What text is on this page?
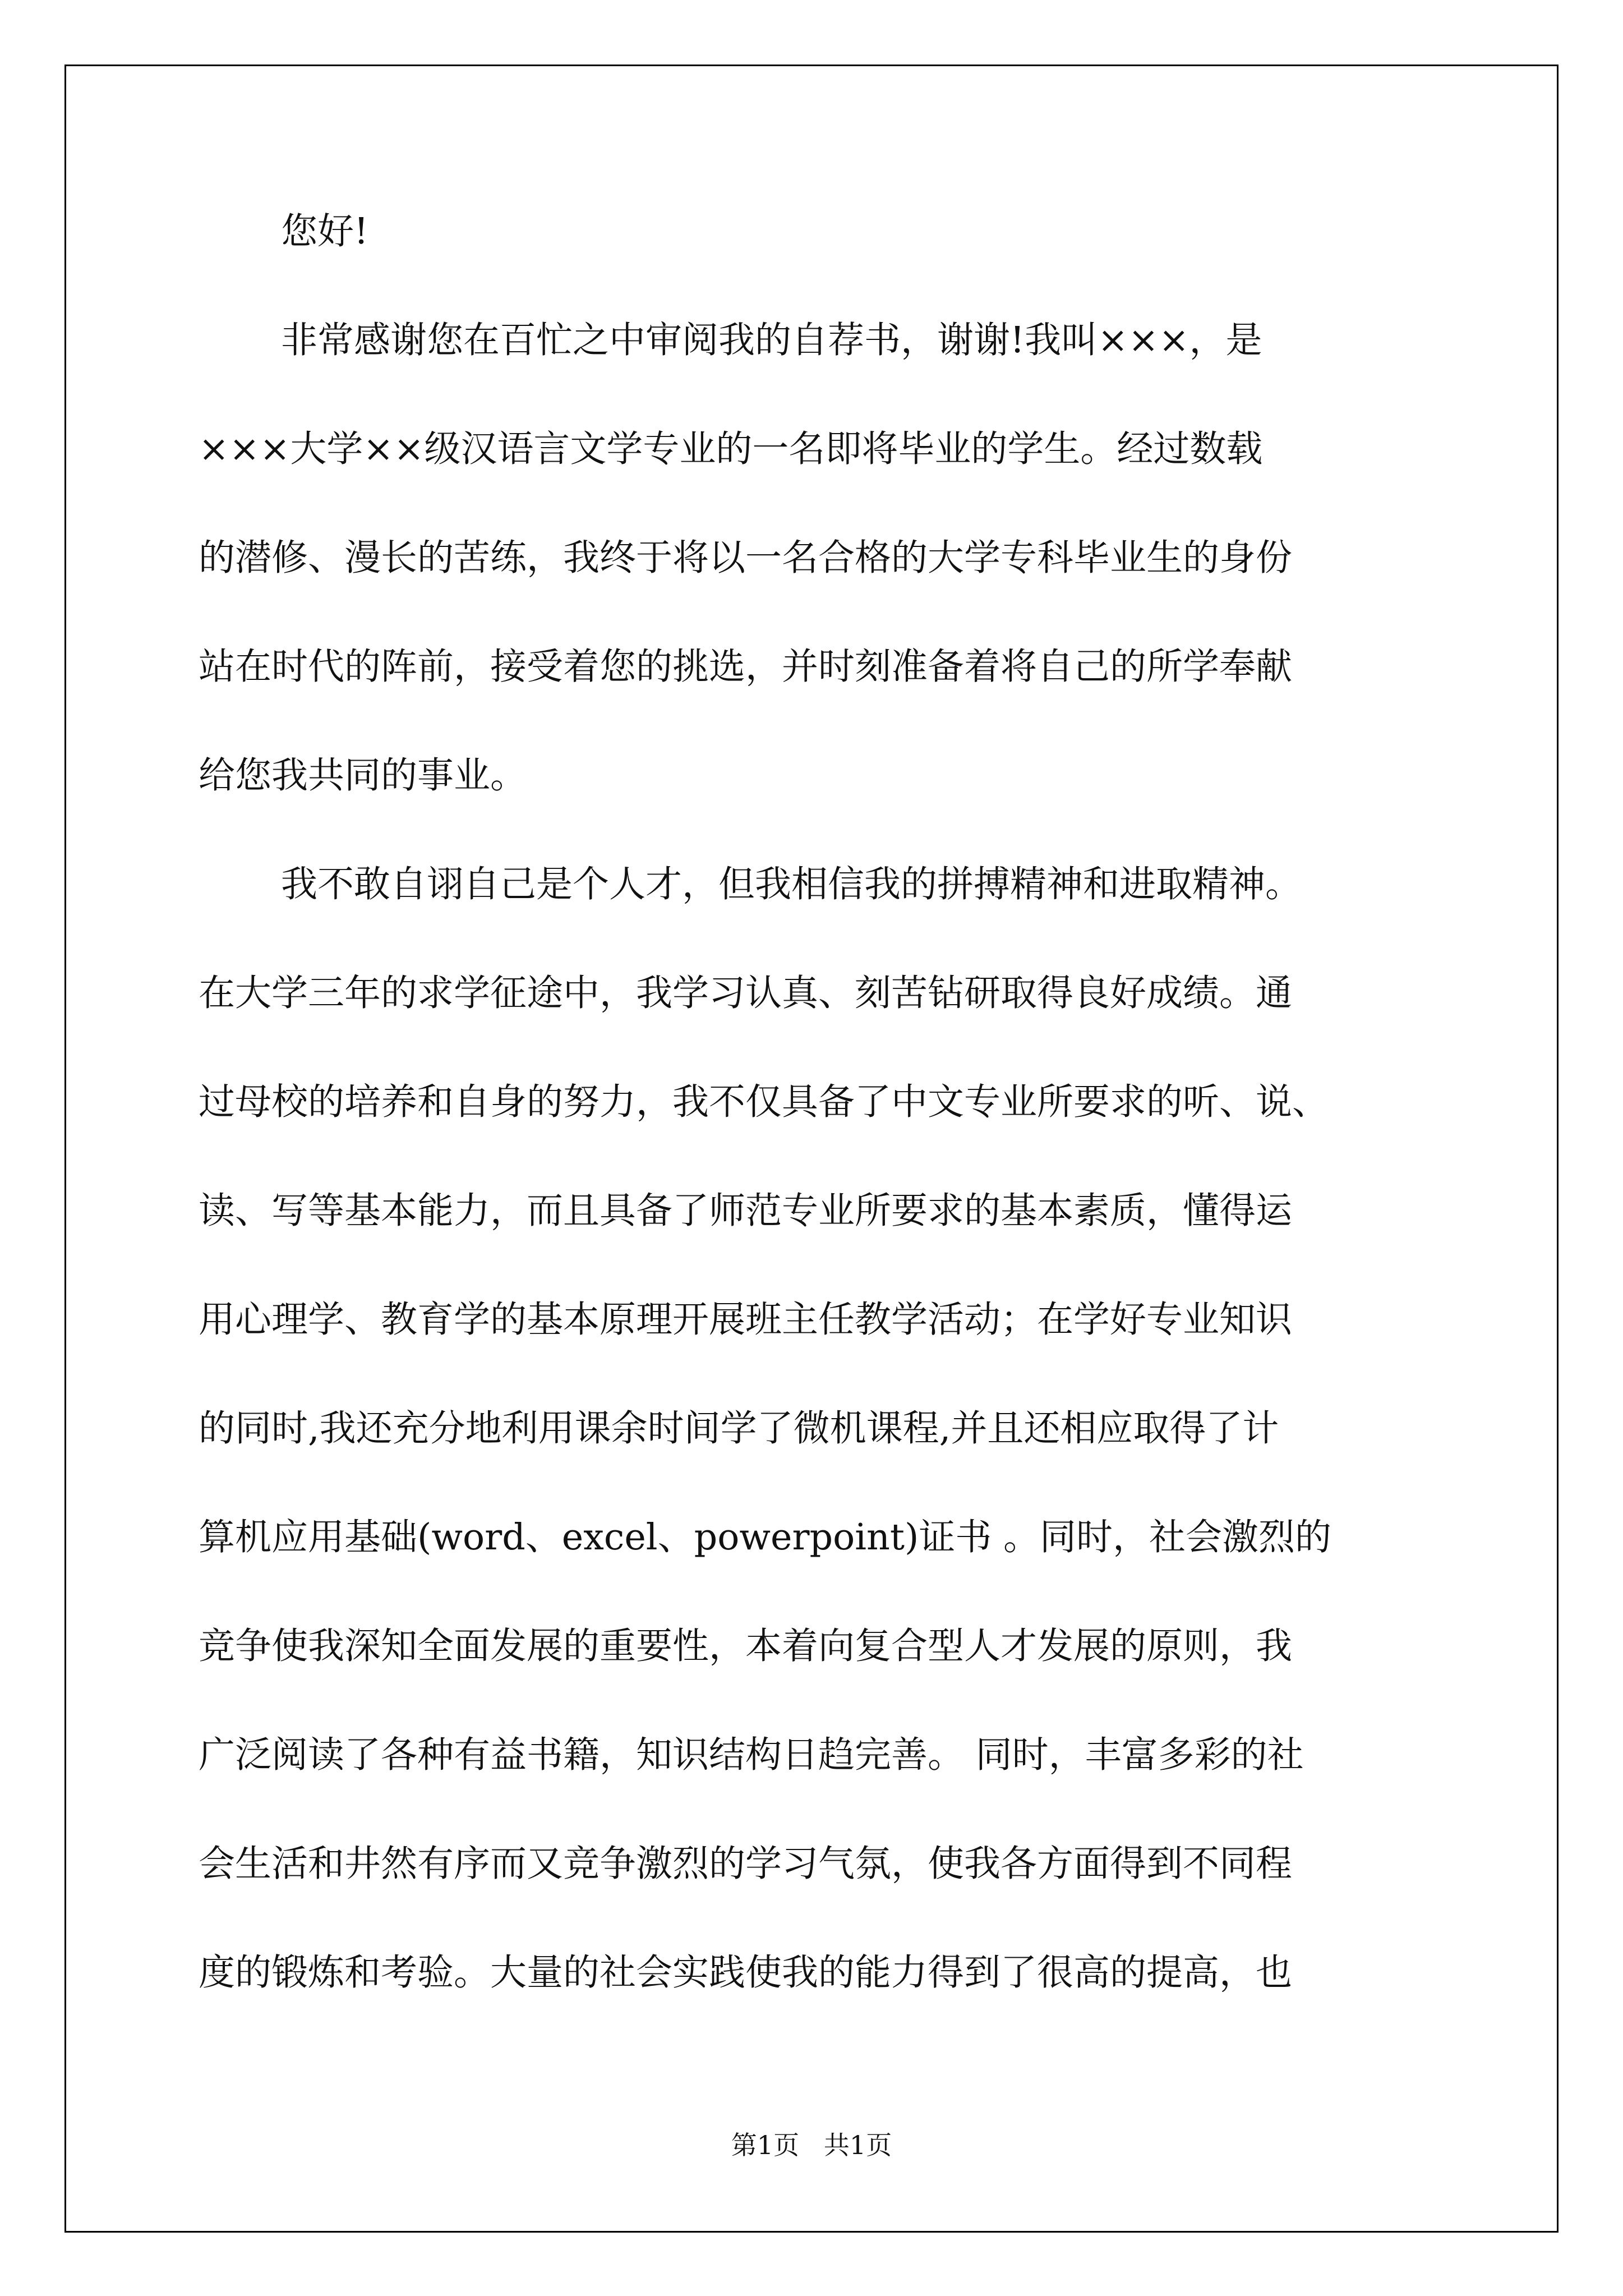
您好!
非常感谢您在百忙之中审阅我的自荐书，谢谢!我叫×××，是
×××大学××级汉语言文学专业的一名即将毕业的学生。经过数载
的潜修、漫长的苦练，我终于将以一名合格的大学专科毕业生的身份
站在时代的阵前，接受着您的挑选，并时刻准备着将自己的所学奉献
给您我共同的事业。
我不敢自诩自己是个人才，但我相信我的拼搏精神和进取精神。
在大学三年的求学征途中，我学习认真、刻苦钻研取得良好成绩。通
过母校的培养和自身的努力，我不仅具备了中文专业所要求的听、说、
读、写等基本能力，而且具备了师范专业所要求的基本素质，懂得运
用心理学、教育学的基本原理开展班主任教学活动；在学好专业知识
的同时,我还充分地利用课余时间学了微机课程,并且还相应取得了计
算机应用基础(word、excel、powerpoint)证书 。同时，社会激烈的
竞争使我深知全面发展的重要性，本着向复合型人才发展的原则，我
广泛阅读了各种有益书籍，知识结构日趋完善。 同时，丰富多彩的社
会生活和井然有序而又竞争激烈的学习气氛，使我各方面得到不同程
度的锻炼和考验。大量的社会实践使我的能力得到了很高的提高，也
第1页   共1页
